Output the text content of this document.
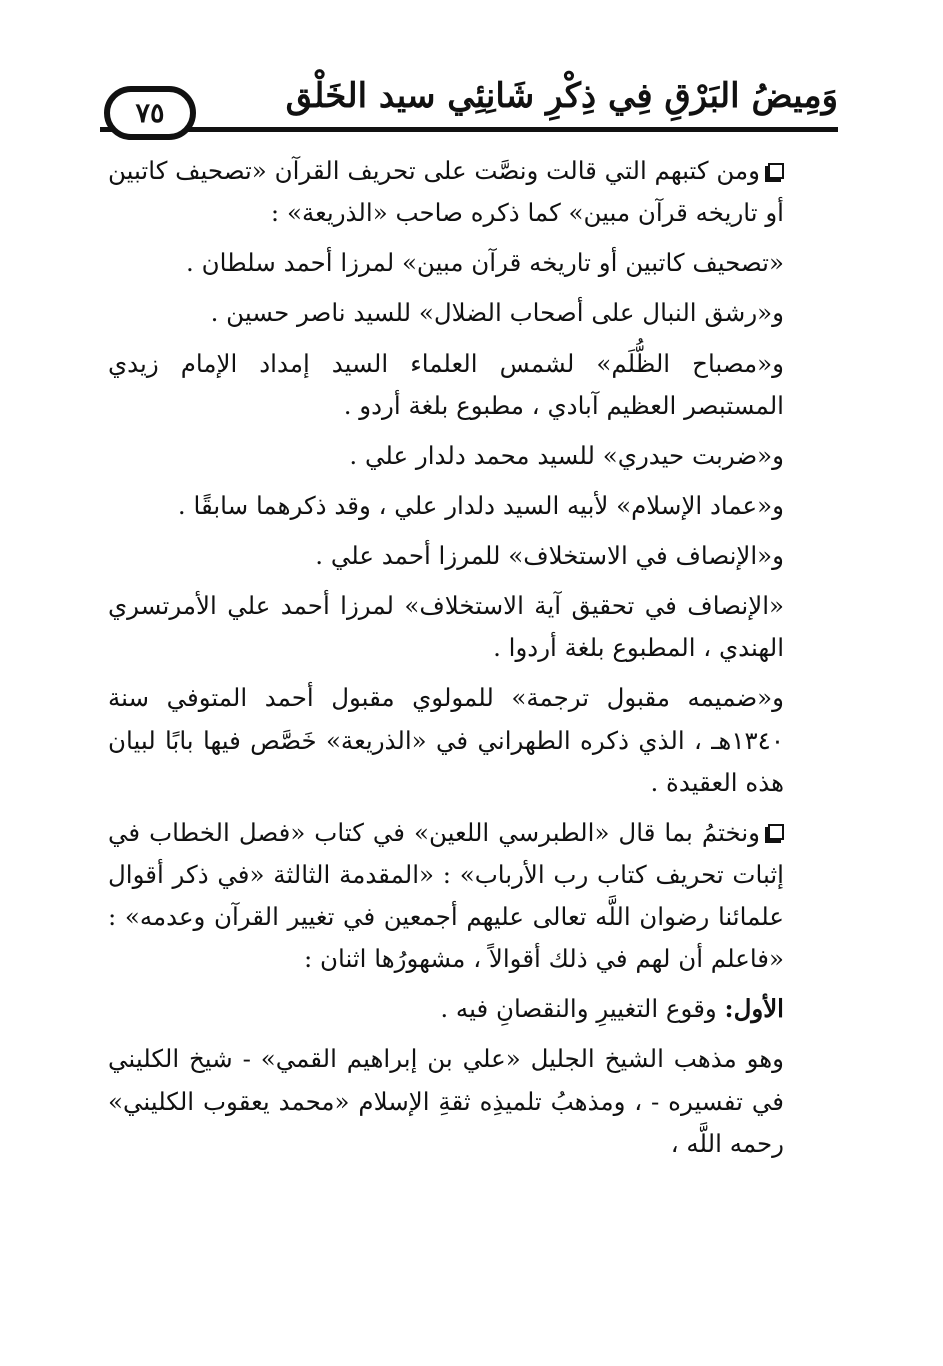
وَمِيضُ البَرْقِ فِي ذِكْرِ شَانِئِي سيد الخَلْق
٧٥

ومن كتبهم التي قالت ونصَّت على تحريف القرآن «تصحيف كاتبين أو تاريخه قرآن مبين» كما ذكره صاحب «الذريعة» :

«تصحيف كاتبين أو تاريخه قرآن مبين» لمرزا أحمد سلطان .

و«رشق النبال على أصحاب الضلال» للسيد ناصر حسين .

و«مصباح الظُّلَم» لشمس العلماء السيد إمداد الإمام زيدي المستبصر العظيم آبادي ، مطبوع بلغة أردو .

و«ضربت حيدري» للسيد محمد دلدار علي .

و«عماد الإسلام» لأبيه السيد دلدار علي ، وقد ذكرهما سابقًا .

و«الإنصاف في الاستخلاف» للمرزا أحمد علي .

«الإنصاف في تحقيق آية الاستخلاف» لمرزا أحمد علي الأمرتسري الهندي ، المطبوع بلغة أردوا .

و«ضميمه مقبول ترجمة» للمولوي مقبول أحمد المتوفي سنة ١٣٤٠هـ ، الذي ذكره الطهراني في «الذريعة» خَصَّص فيها بابًا لبيان هذه العقيدة .

ونختمُ بما قال «الطبرسي اللعين» في كتاب «فصل الخطاب في إثبات تحريف كتاب رب الأرباب» : «المقدمة الثالثة «في ذكر أقوال علمائنا رضوان اللَّه تعالى عليهم أجمعين في تغيير القرآن وعدمه» : «فاعلم أن لهم في ذلك أقوالاً ، مشهورُها اثنان :

الأول: وقوع التغييرِ والنقصانِ فيه .

وهو مذهب الشيخ الجليل «علي بن إبراهيم القمي» - شيخ الكليني في تفسيره - ، ومذهبُ تلميذِه ثقةِ الإسلام «محمد يعقوب الكليني» رحمه اللَّه ،
